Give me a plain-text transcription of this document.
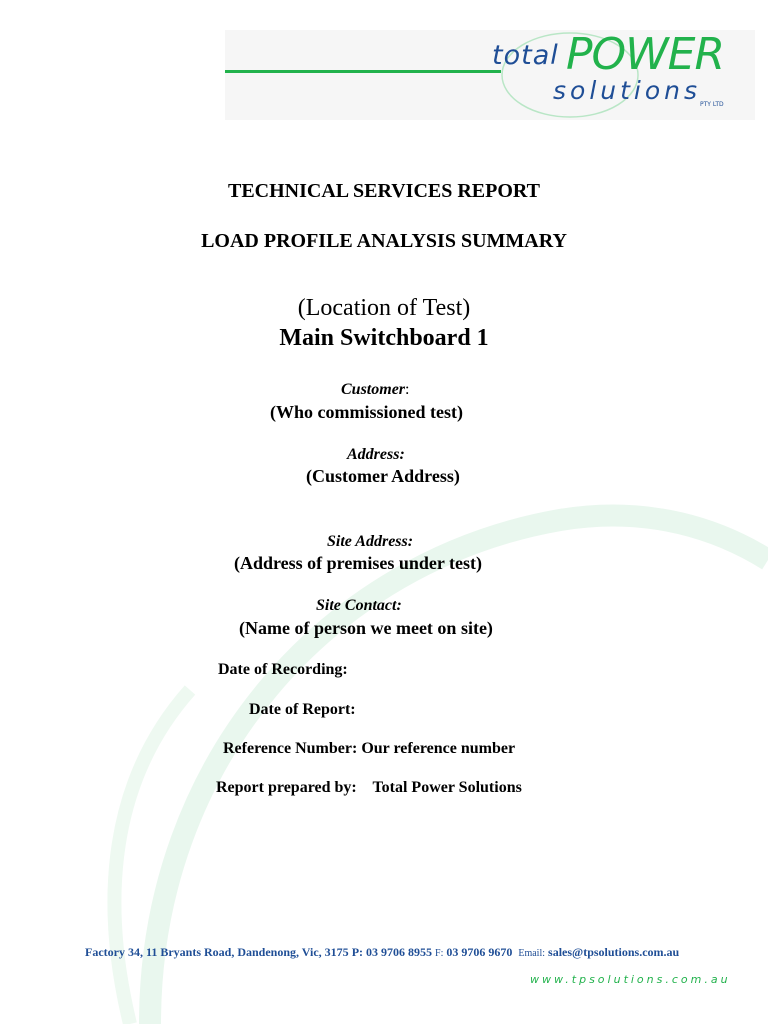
total POWER
solutions
PTY LTD
TECHNICAL SERVICES REPORT
LOAD PROFILE ANALYSIS SUMMARY
(Location of Test)
Main Switchboard 1
Customer:
(Who commissioned test)
Address:
(Customer Address)
Site Address:
(Address of premises under test)
Site Contact:
(Name of person we meet on site)
Date of Recording:
Date of Report:
Reference Number: Our reference number
Report prepared by: Total Power Solutions
Factory 34, 11 Bryants Road, Dandenong, Vic, 3175 P: 03 9706 8955 F: 03 9706 9670 Email: sales@tpsolutions.com.au
www.tpsolutions.com.au
